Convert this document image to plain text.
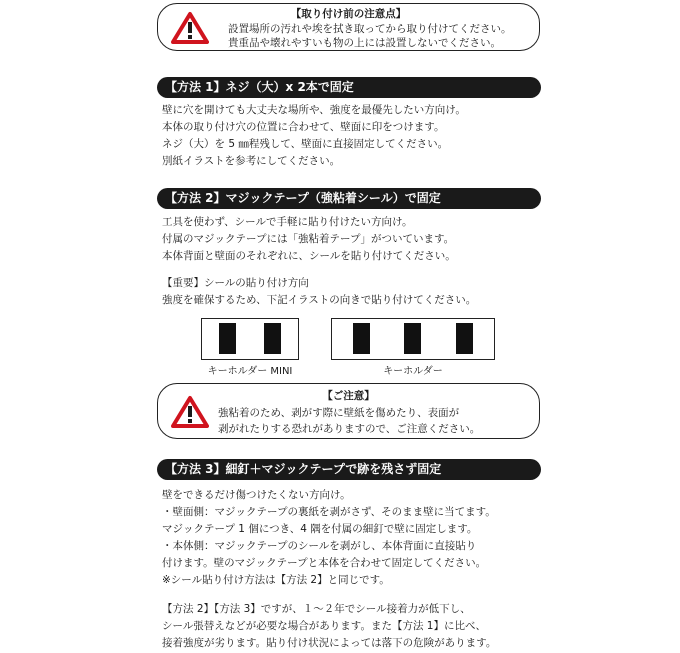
【取り付け前の注意点】
設置場所の汚れや埃を拭き取ってから取り付けてください。
貴重品や壊れやすいも物の上には設置しないでください。
【方法 1】ネジ（大）x 2本で固定
壁に穴を開けても大丈夫な場所や、強度を最優先したい方向け。
本体の取り付け穴の位置に合わせて、壁面に印をつけます。
ネジ（大）を 5 ㎜程残して、壁面に直接固定してください。
別紙イラストを参考にしてください。
【方法 2】マジックテープ（強粘着シール）で固定
工具を使わず、シールで手軽に貼り付けたい方向け。
付属のマジックテープには「強粘着テープ」がついています。
本体背面と壁面のそれぞれに、シールを貼り付けてください。
【重要】シールの貼り付け方向
強度を確保するため、下記イラストの向きで貼り付けてください。
キーホルダー MINI	キーホルダー
【ご注意】
強粘着のため、剥がす際に壁紙を傷めたり、表面が
剥がれたりする恐れがありますので、ご注意ください。
【方法 3】細釘＋マジックテープで跡を残さず固定
壁をできるだけ傷つけたくない方向け。
・壁面側：マジックテープの裏紙を剥がさず、そのまま壁に当てます。
マジックテープ 1 個につき、4 隅を付属の細釘で壁に固定します。
・本体側：マジックテープのシールを剥がし、本体背面に直接貼り
付けます。壁のマジックテープと本体を合わせて固定してください。
※シール貼り付け方法は【方法 2】と同じです。
【方法 2】【方法 3】ですが、１～２年でシール接着力が低下し、
シール張替えなどが必要な場合があります。また【方法 1】に比べ、
接着強度が劣ります。貼り付け状況によっては落下の危険があります。
